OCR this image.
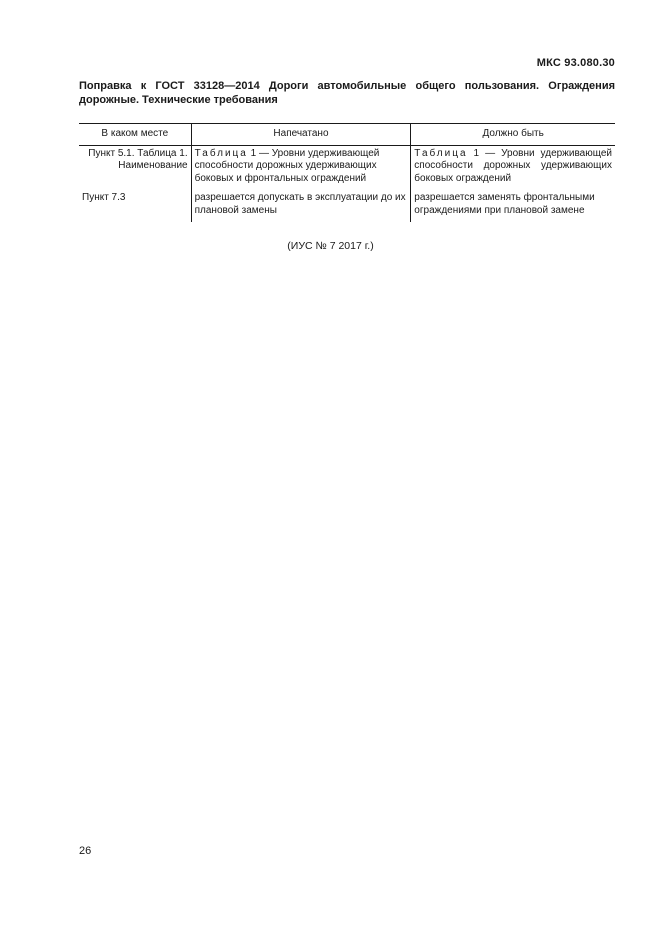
МКС 93.080.30
Поправка к ГОСТ 33128—2014 Дороги автомобильные общего пользования. Ограждения дорожные. Технические требования
В каком месте	Напечатано	Должно быть
Пункт 5.1. Таблица 1. Наименование	Таблица 1 — Уровни удерживающей способности дорожных удерживающих боковых и фронтальных ограждений	Таблица 1 — Уровни удерживающей способности дорожных удерживающих боковых ограждений
Пункт 7.3	разрешается допускать в эксплуатации до их плановой замены	разрешается заменять фронтальными ограждениями при плановой замене
(ИУС № 7 2017 г.)
26
